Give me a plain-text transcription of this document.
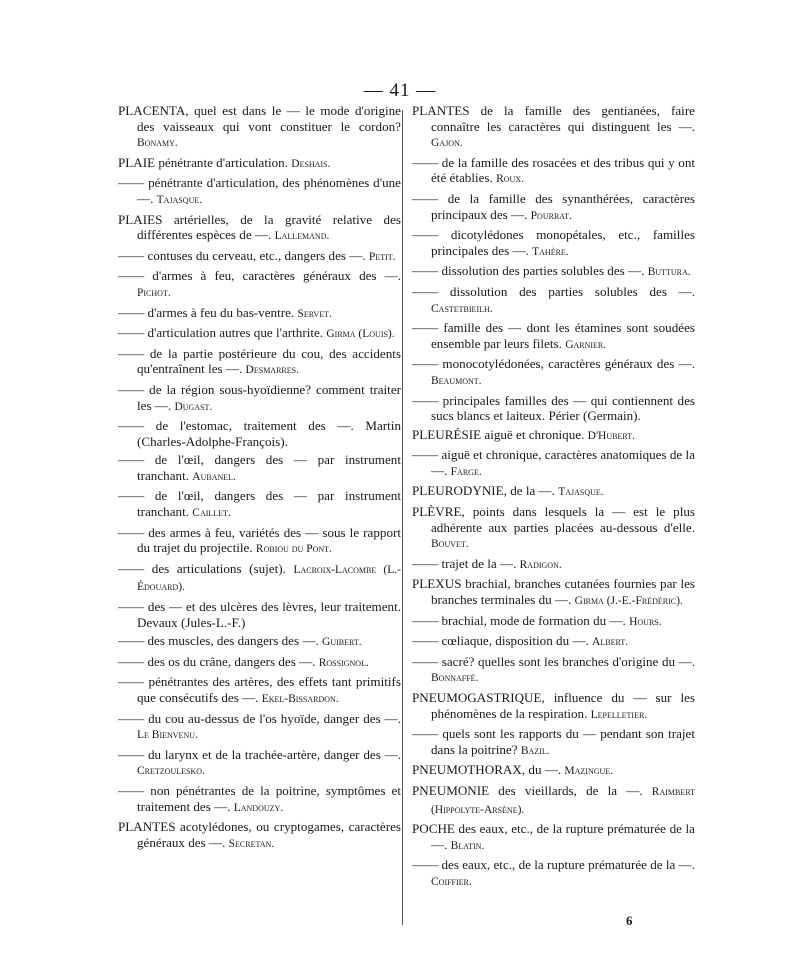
— 41 —

PLACENTA, quel est dans le — le mode d'origine des vaisseaux qui vont constituer le cordon? Bonamy.

PLAIE pénétrante d'articulation. Deshais.

—— pénétrante d'articulation, des phénomènes d'une —. Tajasque.

PLAIES artérielles, de la gravité relative des différentes espèces de —. Lallemand.

—— contuses du cerveau, etc., dangers des —. Petit.

—— d'armes à feu, caractères généraux des —. Pichot.

—— d'armes à feu du bas-ventre. Servet.

—— d'articulation autres que l'arthrite. Girma (Louis).

—— de la partie postérieure du cou, des accidents qu'entraînent les —. Desmarres.

—— de la région sous-hyoïdienne? comment traiter les —. Dugast.

—— de l'estomac, traitement des —. Martin (Charles-Adolphe-François).

—— de l'œil, dangers des — par instrument tranchant. Aubanel.

—— de l'œil, dangers des — par instrument tranchant. Caillet.

—— des armes à feu, variétés des — sous le rapport du trajet du projectile. Robiou du Pont.

—— des articulations (sujet). Lacroix-Lacombe (L.-Édouard).

—— des — et des ulcères des lèvres, leur traitement. Devaux (Jules-L.-F.)

—— des muscles, des dangers des —. Guibert.

—— des os du crâne, dangers des —. Rossignol.

—— pénétrantes des artères, des effets tant primitifs que consécutifs des —. Ekel-Bissardon.

—— du cou au-dessus de l'os hyoïde, danger des —. Le Bienvenu.

—— du larynx et de la trachée-artère, danger des —. Cretzoulesko.

—— non pénétrantes de la poitrine, symptômes et traitement des —. Landouzy.

PLANTES acotylédones, ou cryptogames, caractères généraux des —. Secretan.

PLANTES de la famille des gentianées, faire connaître les caractères qui distinguent les —. Gajon.

—— de la famille des rosacées et des tribus qui y ont été établies. Roux.

—— de la famille des synanthérées, caractères principaux des —. Pourrat.

—— dicotylédones monopétales, etc., familles principales des —. Tahère.

—— dissolution des parties solubles des —. Buttura.

—— dissolution des parties solubles des —. Castetbieilh.

—— famille des — dont les étamines sont soudées ensemble par leurs filets. Garnier.

—— monocotylédonées, caractères généraux des —. Beaumont.

—— principales familles des — qui contiennent des sucs blancs et laiteux. Périer (Germain).

PLEURÉSIE aiguë et chronique. D'Hubert.

—— aiguë et chronique, caractères anatomiques de la —. Farge.

PLEURODYNIE, de la —. Tajasque.

PLÈVRE, points dans lesquels la — est le plus adhérente aux parties placées au-dessous d'elle. Bouvet.

—— trajet de la —. Radigon.

PLEXUS brachial, branches cutanées fournies par les branches terminales du —. Girma (J.-E.-Frédéric).

—— brachial, mode de formation du —. Hours.

—— cœliaque, disposition du —. Albert.

—— sacré? quelles sont les branches d'origine du —. Bonnaffé.

PNEUMOGASTRIQUE, influence du — sur les phénomènes de la respiration. Lepelletier.

—— quels sont les rapports du — pendant son trajet dans la poitrine? Bazil.

PNEUMOTHORAX, du —. Mazingue.

PNEUMONIE des vieillards, de la —. Raimbert (Hippolyte-Arsène).

POCHE des eaux, etc., de la rupture prématurée de la —. Blatin.

—— des eaux, etc., de la rupture prématurée de la —. Coiffier.

6
